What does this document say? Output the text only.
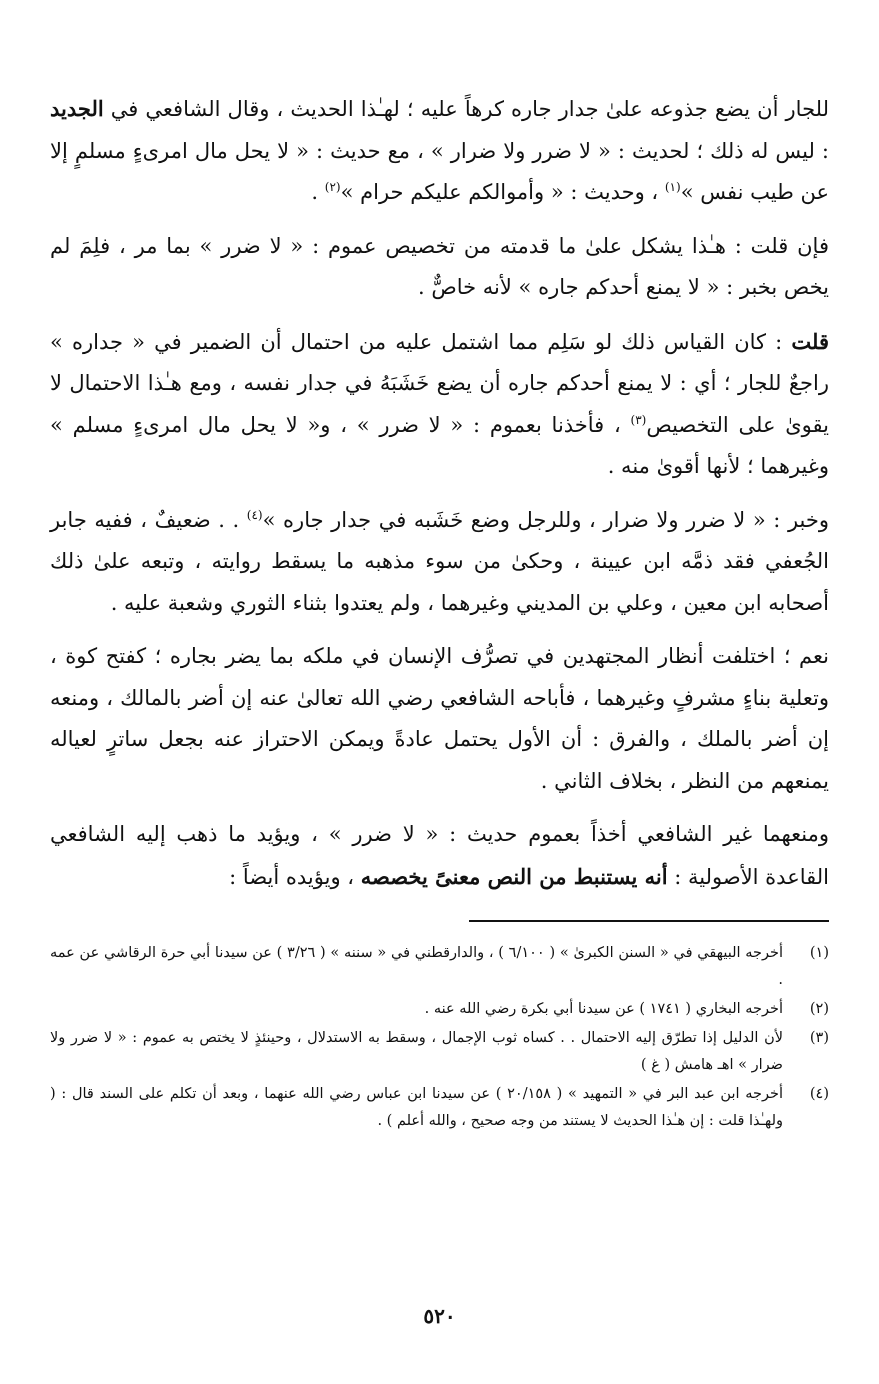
للجار أن يضع جذوعه علىٰ جدار جاره كرهاً عليه ؛ لهـٰذا الحديث ، وقال الشافعي في الجديد : ليس له ذلك ؛ لحديث : « لا ضرر ولا ضرار » ، مع حديث : « لا يحل مال امرىءٍ مسلمٍ إلا عن طيب نفس »$^{(١)}$ ، وحديث : « وأموالكم عليكم حرام »$^{(٢)}$ .

فإن قلت : هـٰذا يشكل علىٰ ما قدمته من تخصيص عموم : « لا ضرر » بما مر ، فلِمَ لم يخص بخبر : « لا يمنع أحدكم جاره » لأنه خاصٌّ .

قلت : كان القياس ذلك لو سَلِم مما اشتمل عليه من احتمال أن الضمير في « جداره » راجعٌ للجار ؛ أي : لا يمنع أحدكم جاره أن يضع خَشَبَهُ في جدار نفسه ، ومع هـٰذا الاحتمال لا يقوىٰ على التخصيص$^{(٣)}$ ، فأخذنا بعموم : « لا ضرر » ، و« لا يحل مال امرىءٍ مسلم » وغيرهما ؛ لأنها أقوىٰ منه .

وخبر : « لا ضرر ولا ضرار ، وللرجل وضع خَشَبه في جدار جاره »$^{(٤)}$ . . ضعيفٌ ، ففيه جابر الجُعفي فقد ذمَّه ابن عيينة ، وحكىٰ من سوء مذهبه ما يسقط روايته ، وتبعه علىٰ ذلك أصحابه ابن معين ، وعلي بن المديني وغيرهما ، ولم يعتدوا بثناء الثوري وشعبة عليه .

نعم ؛ اختلفت أنظار المجتهدين في تصرُّف الإنسان في ملكه بما يضر بجاره ؛ كفتح كوة ، وتعلية بناءٍ مشرفٍ وغيرهما ، فأباحه الشافعي رضي الله تعالىٰ عنه إن أضر بالمالك ، ومنعه إن أضر بالملك ، والفرق : أن الأول يحتمل عادةً ويمكن الاحتراز عنه بجعل ساترٍ لعياله يمنعهم من النظر ، بخلاف الثاني .

ومنعهما غير الشافعي أخذاً بعموم حديث : « لا ضرر » ، ويؤيد ما ذهب إليه الشافعي القاعدة الأصولية : أنه يستنبط من النص معنىً يخصصه ، ويؤيده أيضاً :

(١)
أخرجه البيهقي في « السنن الكبرىٰ » ( ٦/١٠٠ ) ، والدارقطني في « سننه » ( ٣/٢٦ ) عن سيدنا أبي حرة الرقاشي عن عمه .
(٢)
أخرجه البخاري ( ١٧٤١ ) عن سيدنا أبي بكرة رضي الله عنه .
(٣)
لأن الدليل إذا تطرّق إليه الاحتمال . . كساه ثوب الإجمال ، وسقط به الاستدلال ، وحينئذٍ لا يختص به عموم : « لا ضرر ولا ضرار » اهـ هامش ( غ )
(٤)
أخرجه ابن عبد البر في « التمهيد » ( ٢٠/١٥٨ ) عن سيدنا ابن عباس رضي الله عنهما ، وبعد أن تكلم على السند قال : ( ولهـٰذا قلت : إن هـٰذا الحديث لا يستند من وجه صحيح ، والله أعلم ) .
٥٢٠
